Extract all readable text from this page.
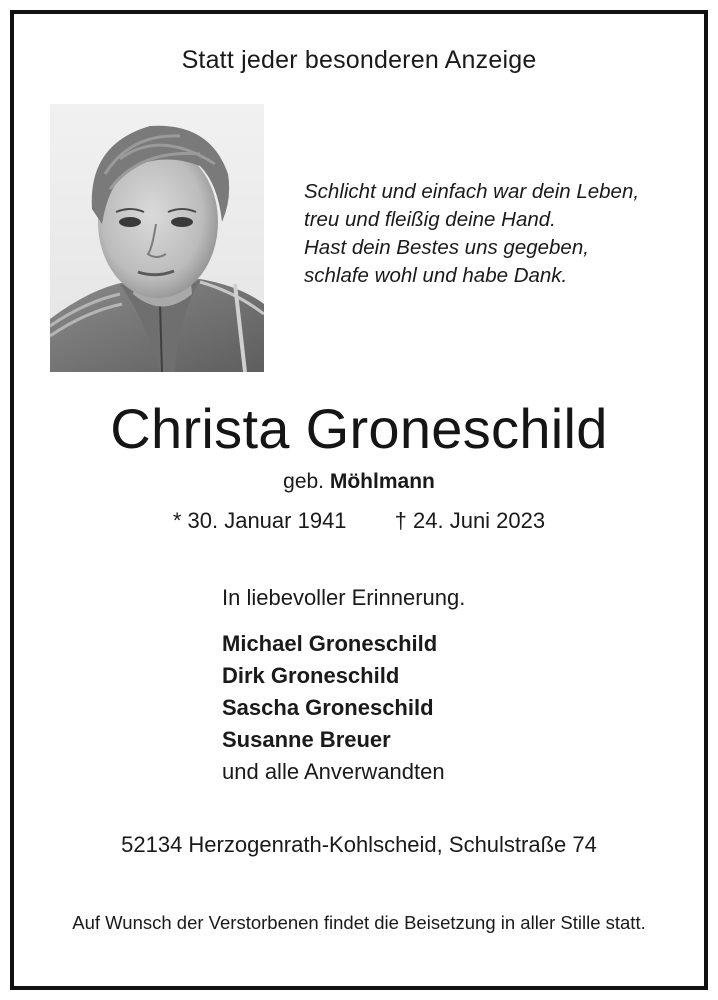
Statt jeder besonderen Anzeige
Schlicht und einfach war dein Leben,
treu und fleißig deine Hand.
Hast dein Bestes uns gegeben,
schlafe wohl und habe Dank.
Christa Groneschild
geb. Möhlmann
* 30. Januar 1941 † 24. Juni 2023
In liebevoller Erinnerung.
Michael Groneschild
Dirk Groneschild
Sascha Groneschild
Susanne Breuer
und alle Anverwandten
52134 Herzogenrath-Kohlscheid, Schulstraße 74
Auf Wunsch der Verstorbenen findet die Beisetzung in aller Stille statt.
